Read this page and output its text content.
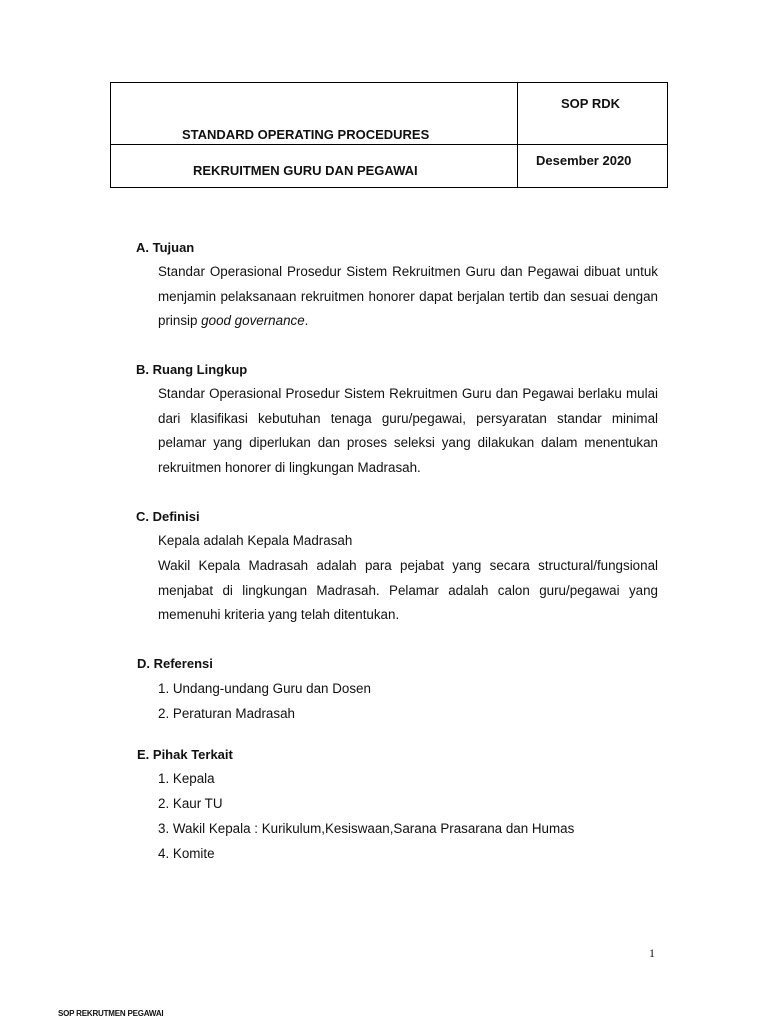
STANDARD OPERATING PROCEDURES	SOP RDK

REKRUITMEN GURU DAN PEGAWAI	Desember 2020
A. Tujuan

Standar Operasional Prosedur Sistem Rekruitmen Guru dan Pegawai dibuat untuk menjamin pelaksanaan rekruitmen honorer dapat berjalan tertib dan sesuai dengan prinsip good governance.

B. Ruang Lingkup

Standar Operasional Prosedur Sistem Rekruitmen Guru dan Pegawai berlaku mulai dari klasifikasi kebutuhan tenaga guru/pegawai, persyaratan standar minimal pelamar yang diperlukan dan proses seleksi yang dilakukan dalam menentukan rekruitmen honorer di lingkungan Madrasah.

C. Definisi
Kepala adalah Kepala Madrasah

Wakil Kepala Madrasah adalah para pejabat yang secara structural/fungsional menjabat di lingkungan Madrasah. Pelamar adalah calon guru/pegawai yang memenuhi kriteria yang telah ditentukan.

D. Referensi
1. Undang-undang Guru dan Dosen
2. Peraturan Madrasah
E. Pihak Terkait
1. Kepala
2. Kaur TU
3. Wakil Kepala : Kurikulum,Kesiswaan,Sarana Prasarana dan Humas
4. Komite
1
SOP REKRUTMEN PEGAWAI
